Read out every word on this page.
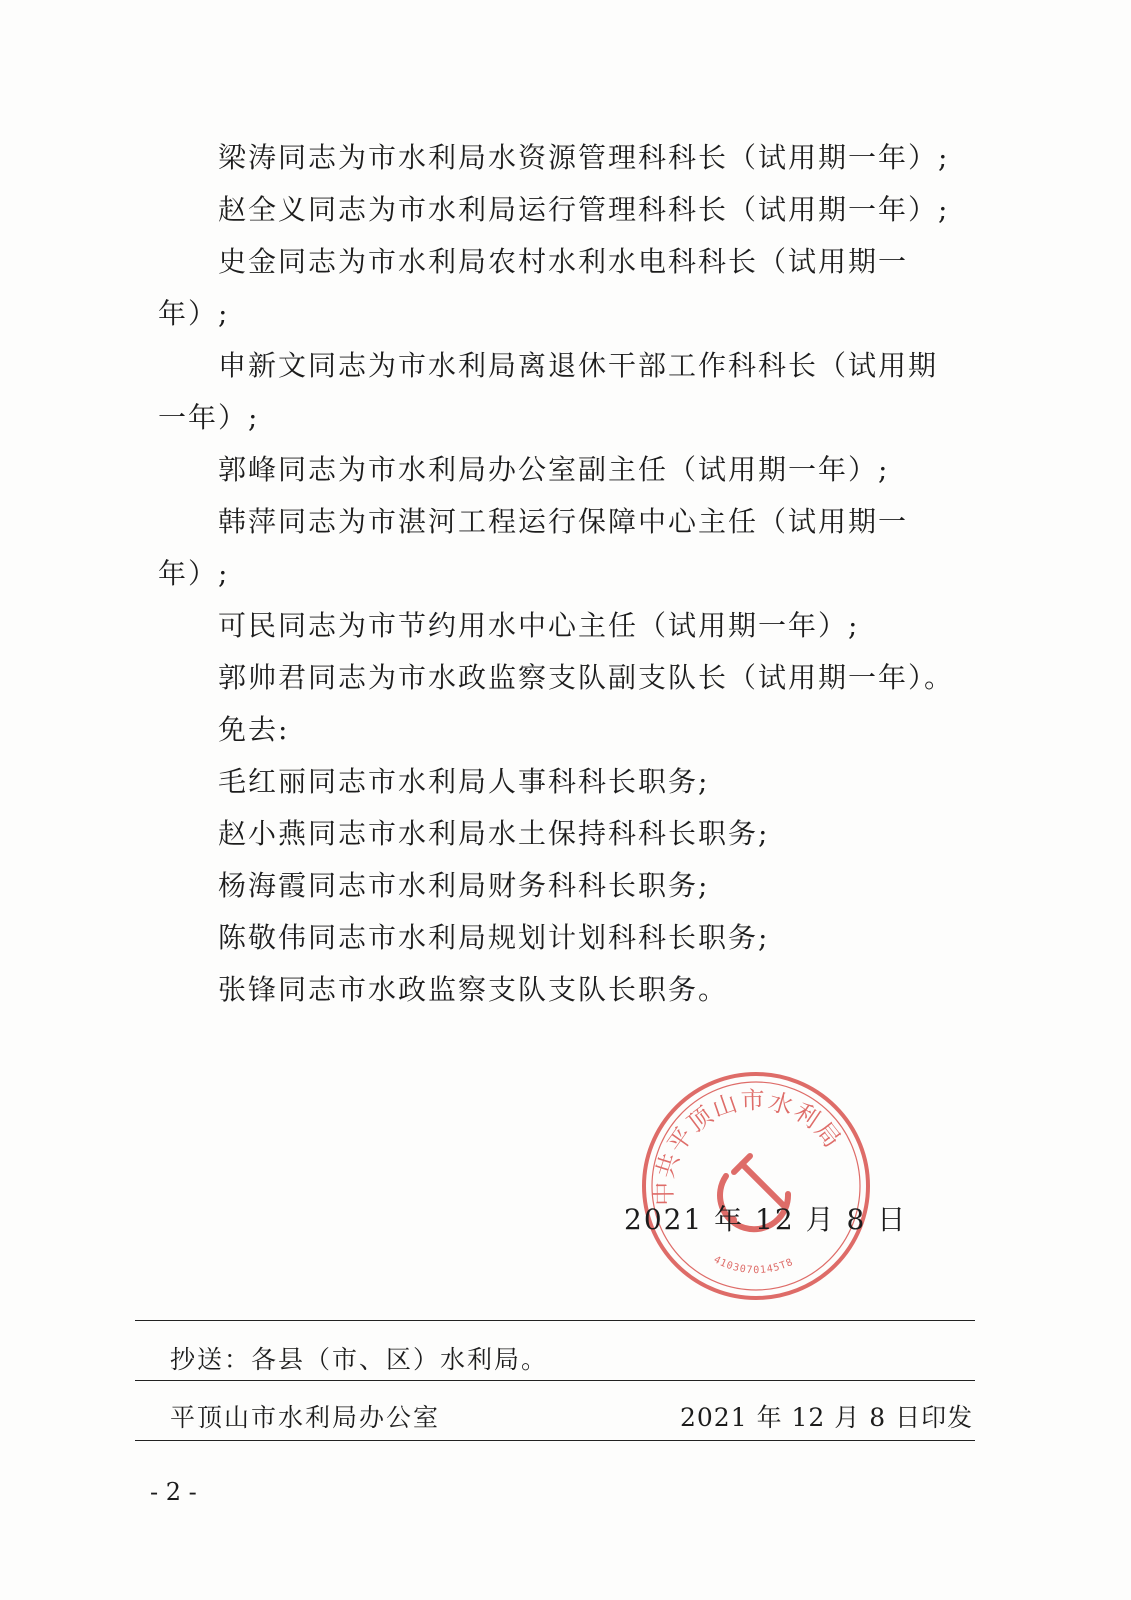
梁涛同志为市水利局水资源管理科科长（试用期一年）;
赵全义同志为市水利局运行管理科科长（试用期一年）;
史金同志为市水利局农村水利水电科科长（试用期一
年）;
申新文同志为市水利局离退休干部工作科科长（试用期
一年）;
郭峰同志为市水利局办公室副主任（试用期一年）;
韩萍同志为市湛河工程运行保障中心主任（试用期一
年）;
可民同志为市节约用水中心主任（试用期一年）;
郭帅君同志为市水政监察支队副支队长（试用期一年）。
免去:
毛红丽同志市水利局人事科科长职务;
赵小燕同志市水利局水土保持科科长职务;
杨海霞同志市水利局财务科科长职务;
陈敬伟同志市水利局规划计划科科长职务;
张锋同志市水政监察支队支队长职务。
中共平顶山市水利局
4103070145T8
2021 年 12 月 8 日
抄送：各县（市、区）水利局。
平顶山市水利局办公室	2021 年 12 月 8 日印发
- 2 -
